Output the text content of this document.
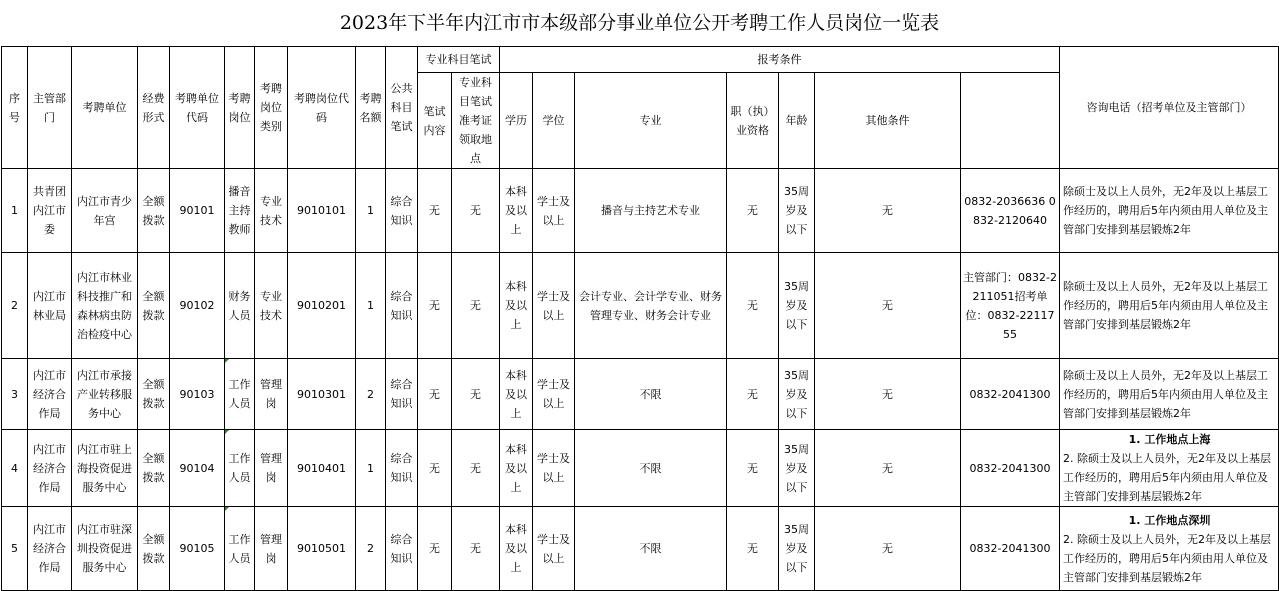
2023年下半年内江市市本级部分事业单位公开考聘工作人员岗位一览表
序号	主管部门	考聘单位	经费形式	考聘单位代码	考聘岗位	考聘岗位类别	考聘岗位代码	考聘名额	公共科目笔试	专业科目笔试		报考条件							咨询电话（招考单位及主管部门）	
										笔试内容	专业科目笔试准考证领取地点	学历	学位	专业	职（执）业资格	年龄	其他条件			
1	共青团内江市委	内江市青少年宫	全额拨款	90101	播音主持教师	专业技术	9010101	1	综合知识	无	无	本科及以上	学士及以上	播音与主持艺术专业	无	35周岁及以下	无	0832-2036636 0832-2120640	除硕士及以上人员外，无2年及以上基层工作经历的，聘用后5年内须由用人单位及主管部门安排到基层锻炼2年	

2	内江市林业局	内江市林业科技推广和森林病虫防治检疫中心	全额拨款	90102	财务人员	专业技术	9010201	1	综合知识	无	无	本科及以上	学士及以上	会计专业、会计学专业、财务管理专业、财务会计专业	无	35周岁及以下	无	主管部门：0832-2211051招考单位：0832-2211755	除硕士及以上人员外，无2年及以上基层工作经历的，聘用后5年内须由用人单位及主管部门安排到基层锻炼2年	

3	内江市经济合作局	内江市承接产业转移服务中心	全额拨款	90103	工作人员	管理岗	9010301	2	综合知识	无	无	本科及以上	学士及以上	不限	无	35周岁及以下	无	0832-2041300	除硕士及以上人员外，无2年及以上基层工作经历的，聘用后5年内须由用人单位及主管部门安排到基层锻炼2年	

4	内江市经济合作局	内江市驻上海投资促进服务中心	全额拨款	90104	工作人员	管理岗	9010401	1	综合知识	无	无	本科及以上	学士及以上	不限	无	35周岁及以下	无	0832-2041300	1. 工作地点上海
2. 除硕士及以上人员外，无2年及以上基层工作经历的，聘用后5年内须由用人单位及主管部门安排到基层锻炼2年	

5	内江市经济合作局	内江市驻深圳投资促进服务中心	全额拨款	90105	工作人员	管理岗	9010501	2	综合知识	无	无	本科及以上	学士及以上	不限	无	35周岁及以下	无	0832-2041300	1. 工作地点深圳
2. 除硕士及以上人员外，无2年及以上基层工作经历的，聘用后5年内须由用人单位及主管部门安排到基层锻炼2年	
